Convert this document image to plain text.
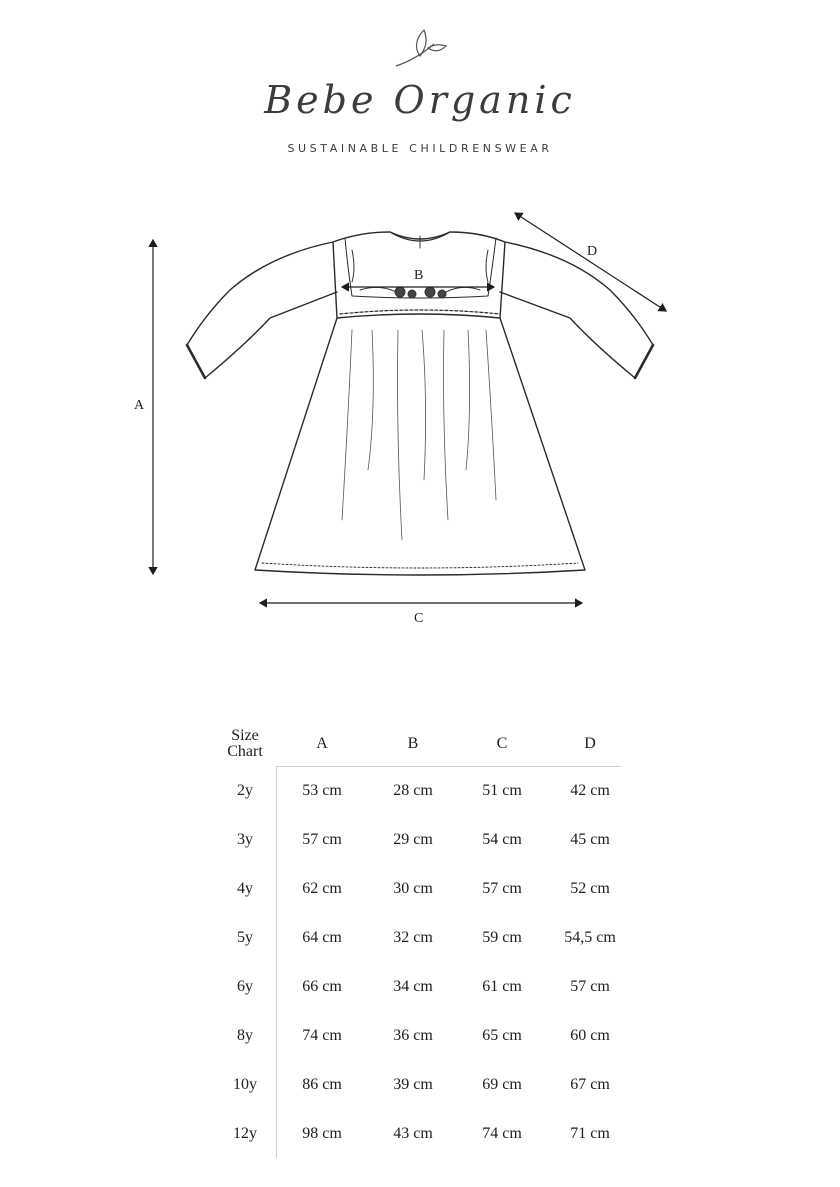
Bebe Organic
SUSTAINABLE CHILDRENSWEAR
A
B
C
D
Size
Chart	A	B	C	D
2y	53 cm	28 cm	51 cm	42 cm
3y	57 cm	29 cm	54 cm	45 cm
4y	62 cm	30 cm	57 cm	52 cm
5y	64 cm	32 cm	59 cm	54,5 cm
6y	66 cm	34 cm	61 cm	57 cm
8y	74 cm	36 cm	65 cm	60 cm
10y	86 cm	39 cm	69 cm	67 cm
12y	98 cm	43 cm	74 cm	71 cm
